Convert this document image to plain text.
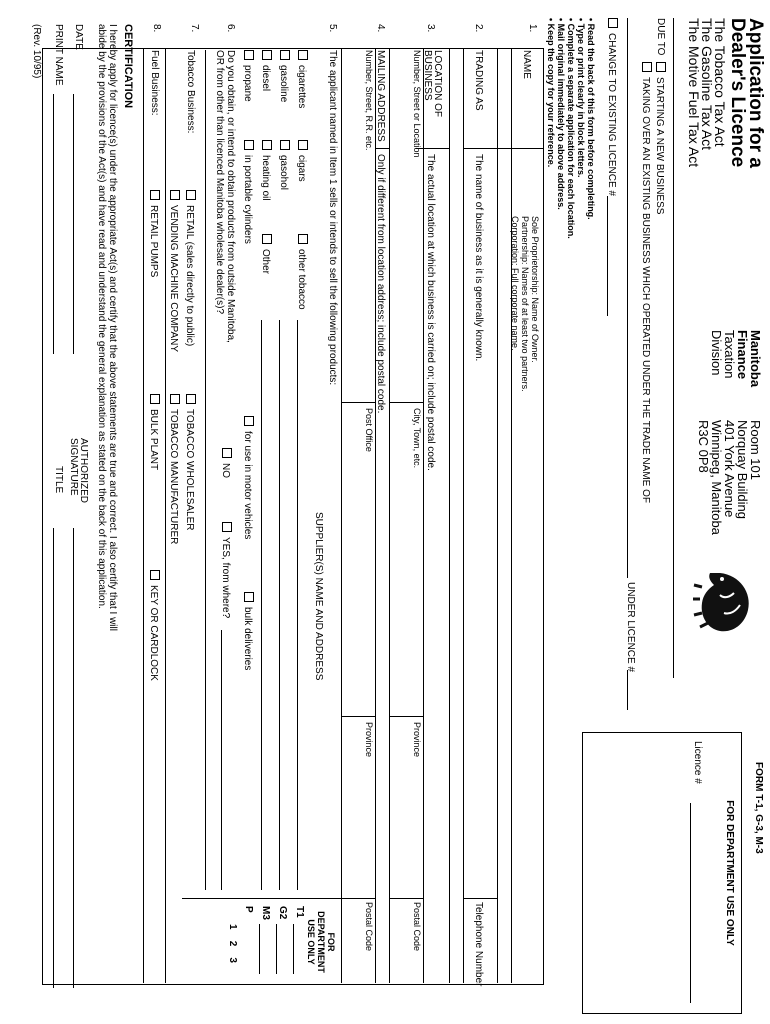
Application for a
Dealer's Licence
The Tobacco Tax Act
The Gasoline Tax Act
The Motive Fuel Tax Act
Manitoba
Finance
Taxation
Division
Room 101
Norquay Building
401 York Avenue
Winnipeg, Manitoba
R3C 0P8
FORM T-1, G-3, M-3
FOR DEPARTMENT USE ONLY
Licence #
DUE TO
STARTING A NEW BUSINESS
TAKING OVER AN EXISTING BUSINESS WHICH OPERATED UNDER THE TRADE NAME OF
UNDER LICENCE #
CHANGE TO EXISTING LICENCE #
• Read the back of this form before completing.
• Type or print clearly in block letters.
• Complete a separate application for each location.
• Mail original immediately to above address.
• Keep the copy for your reference.
1.
NAME
Sole Proprietorship: Name of Owner.
Partnership: Names of at least two partners.
Corporation: Full corporate name.
2.
TRADING AS
The name of business as it is generally known.
Telephone Number
3.
LOCATION OF
BUSINESS
The actual location at which business is carried on; include postal code.
Number, Street or Location
City, Town, etc.
Province
Postal Code
4.
MAILING ADDRESS
Only if different from location address; include postal code.
Number, Street, R.R. etc.
Post Office
Province
Postal Code
5.
The applicant named in Item 1 sells or intends to sell the following products:
SUPPLIER(S) NAME AND ADDRESS
FOR DEPARTMENT USE ONLY
cigarettes
cigars
other tobacco
gasoline
gasohol
diesel
heating oil
Other
propane
in portable cylinders
for use in motor vehicles
bulk deliveries
T1
G2
M3
P
1    2    3
6.
Do you obtain, or intend to obtain products from outside Manitoba,
OR from other than licenced Manitoba wholesale dealer(s)?
NO
YES, from where?
7.
Tobacco Business:
RETAIL (sales directly to public)
TOBACCO WHOLESALER
VENDING MACHINE COMPANY
TOBACCO MANUFACTURER
8.
Fuel Business:
RETAIL PUMPS
BULK PLANT
KEY OR CARDLOCK
CERTIFICATION
I hereby apply for licence(s) under the appropriate Act(s) and certify that the above statements are true and correct. I also certify that I will
abide by the provisions of the Act(s) and have read and understand the general explanation as stated on the back of this application.
DATE
AUTHORIZED
SIGNATURE
PRINT NAME
TITLE
(Rev. 10/95)
